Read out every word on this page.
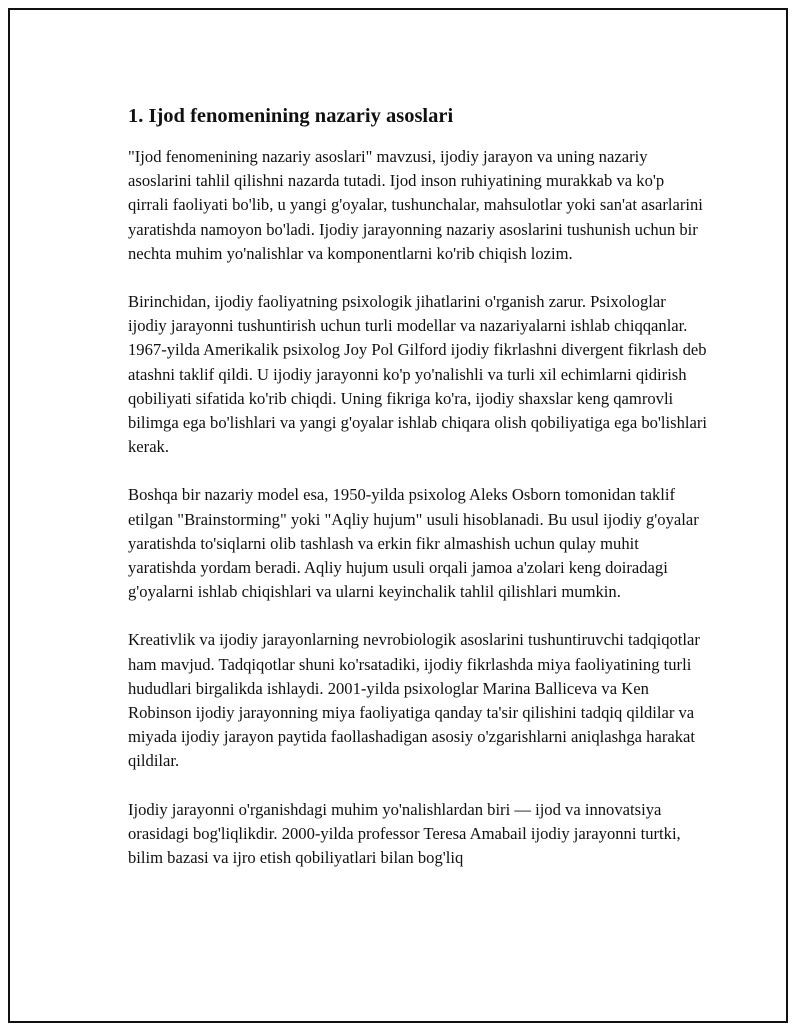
1. Ijod fenomenining nazariy asoslari

"Ijod fenomenining nazariy asoslari" mavzusi, ijodiy jarayon va uning nazariy asoslarini tahlil qilishni nazarda tutadi. Ijod inson ruhiyatining murakkab va ko'p qirrali faoliyati bo'lib, u yangi g'oyalar, tushunchalar, mahsulotlar yoki san'at asarlarini yaratishda namoyon bo'ladi. Ijodiy jarayonning nazariy asoslarini tushunish uchun bir nechta muhim yo'nalishlar va komponentlarni ko'rib chiqish lozim.

Birinchidan, ijodiy faoliyatning psixologik jihatlarini o'rganish zarur. Psixologlar ijodiy jarayonni tushuntirish uchun turli modellar va nazariyalarni ishlab chiqqanlar. 1967-yilda Amerikalik psixolog Joy Pol Gilford ijodiy fikrlashni divergent fikrlash deb atashni taklif qildi. U ijodiy jarayonni ko'p yo'nalishli va turli xil echimlarni qidirish qobiliyati sifatida ko'rib chiqdi. Uning fikriga ko'ra, ijodiy shaxslar keng qamrovli bilimga ega bo'lishlari va yangi g'oyalar ishlab chiqara olish qobiliyatiga ega bo'lishlari kerak.

Boshqa bir nazariy model esa, 1950-yilda psixolog Aleks Osborn tomonidan taklif etilgan "Brainstorming" yoki "Aqliy hujum" usuli hisoblanadi. Bu usul ijodiy g'oyalar yaratishda to'siqlarni olib tashlash va erkin fikr almashish uchun qulay muhit yaratishda yordam beradi. Aqliy hujum usuli orqali jamoa a'zolari keng doiradagi g'oyalarni ishlab chiqishlari va ularni keyinchalik tahlil qilishlari mumkin.

Kreativlik va ijodiy jarayonlarning nevrobiologik asoslarini tushuntiruvchi tadqiqotlar ham mavjud. Tadqiqotlar shuni ko'rsatadiki, ijodiy fikrlashda miya faoliyatining turli hududlari birgalikda ishlaydi. 2001-yilda psixologlar Marina Balliceva va Ken Robinson ijodiy jarayonning miya faoliyatiga qanday ta'sir qilishini tadqiq qildilar va miyada ijodiy jarayon paytida faollashadigan asosiy o'zgarishlarni aniqlashga harakat qildilar.

Ijodiy jarayonni o'rganishdagi muhim yo'nalishlardan biri — ijod va innovatsiya orasidagi bog'liqlikdir. 2000-yilda professor Teresa Amabail ijodiy jarayonni turtki, bilim bazasi va ijro etish qobiliyatlari bilan bog'liq
